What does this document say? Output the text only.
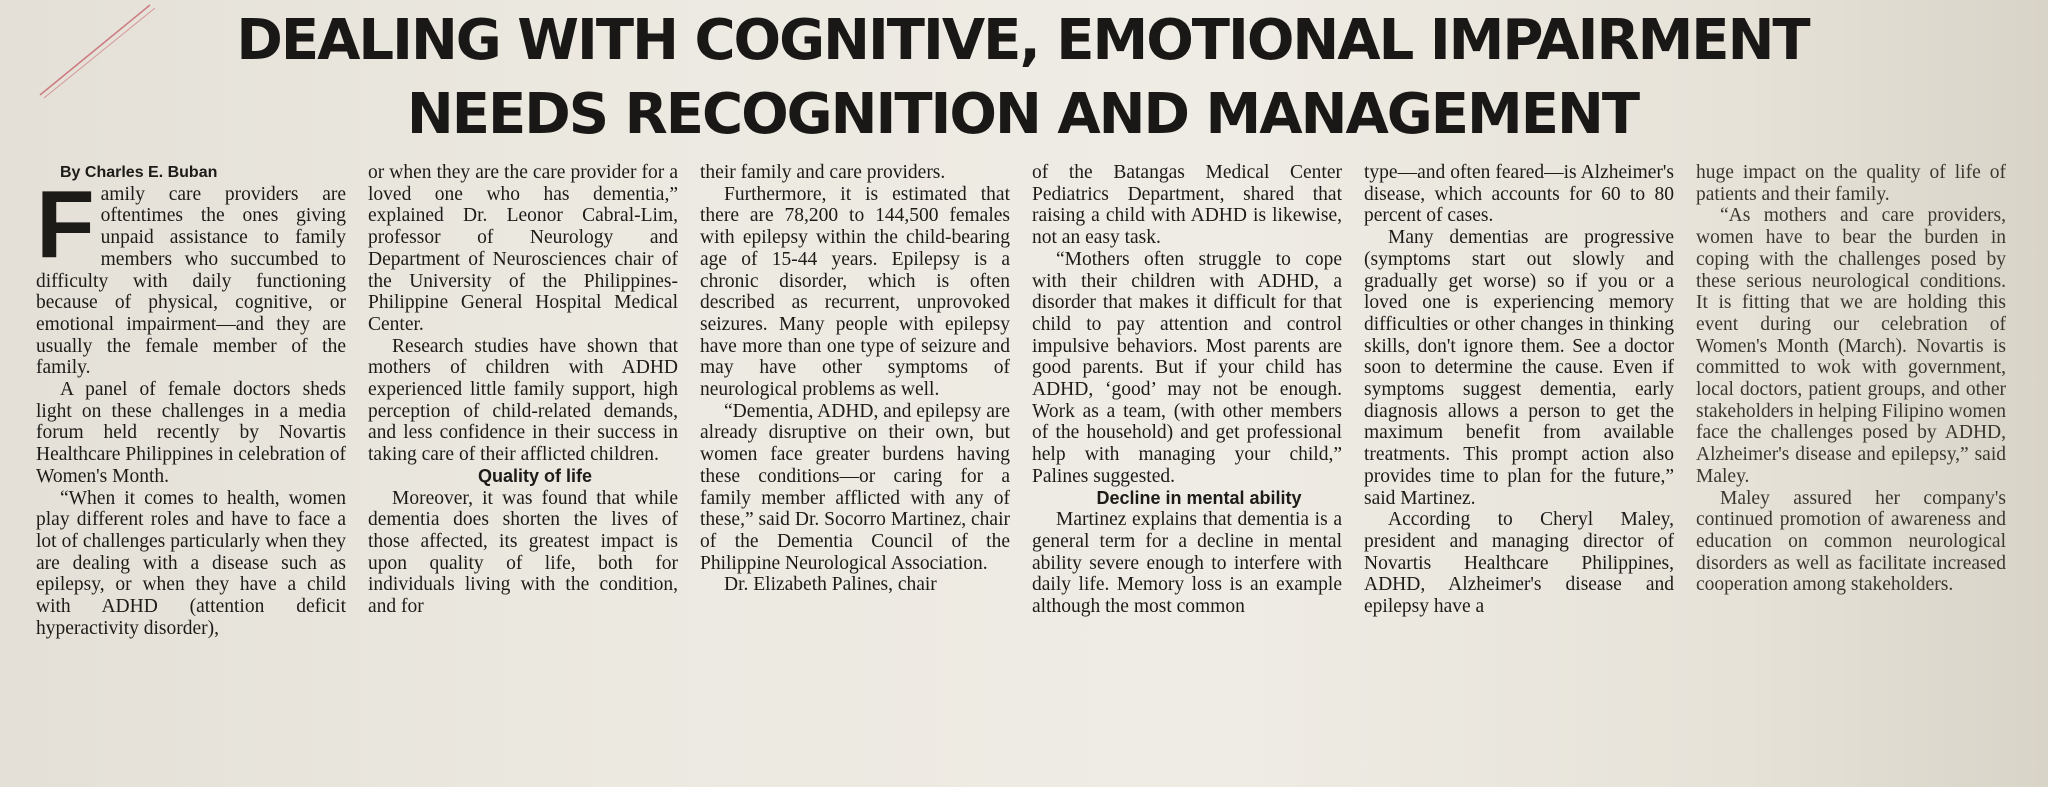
DEALING WITH COGNITIVE, EMOTIONAL IMPAIRMENT
NEEDS RECOGNITION AND MANAGEMENT

By Charles E. Buban

Family care providers are oftentimes the ones giving unpaid assistance to family members who succumbed to difficulty with daily functioning because of physical, cognitive, or emotional impairment—and they are usually the female member of the family.

A panel of female doctors sheds light on these challenges in a media forum held recently by Novartis Healthcare Philippines in celebration of Women's Month.

“When it comes to health, women play different roles and have to face a lot of challenges particularly when they are dealing with a disease such as epilepsy, or when they have a child with ADHD (attention deficit hyperactivity disorder),

or when they are the care provider for a loved one who has dementia,” explained Dr. Leonor Cabral-Lim, professor of Neurology and Department of Neurosciences chair of the University of the Philippines-Philippine General Hospital Medical Center.

Research studies have shown that mothers of children with ADHD experienced little family support, high perception of child-related demands, and less confidence in their success in taking care of their afflicted children.

Quality of life

Moreover, it was found that while dementia does shorten the lives of those affected, its greatest impact is upon quality of life, both for individuals living with the condition, and for

their family and care providers.

Furthermore, it is estimated that there are 78,200 to 144,500 females with epilepsy within the child-bearing age of 15-44 years. Epilepsy is a chronic disorder, which is often described as recurrent, unprovoked seizures. Many people with epilepsy have more than one type of seizure and may have other symptoms of neurological problems as well.

“Dementia, ADHD, and epilepsy are already disruptive on their own, but women face greater burdens having these conditions—or caring for a family member afflicted with any of these,” said Dr. Socorro Martinez, chair of the Dementia Council of the Philippine Neurological Association.

Dr. Elizabeth Palines, chair

of the Batangas Medical Center Pediatrics Department, shared that raising a child with ADHD is likewise, not an easy task.

“Mothers often struggle to cope with their children with ADHD, a disorder that makes it difficult for that child to pay attention and control impulsive behaviors. Most parents are good parents. But if your child has ADHD, ‘good’ may not be enough. Work as a team, (with other members of the household) and get professional help with managing your child,” Palines suggested.

Decline in mental ability

Martinez explains that dementia is a general term for a decline in mental ability severe enough to interfere with daily life. Memory loss is an example although the most common

type—and often feared—is Alzheimer's disease, which accounts for 60 to 80 percent of cases.

Many dementias are progressive (symptoms start out slowly and gradually get worse) so if you or a loved one is experiencing memory difficulties or other changes in thinking skills, don't ignore them. See a doctor soon to determine the cause. Even if symptoms suggest dementia, early diagnosis allows a person to get the maximum benefit from available treatments. This prompt action also provides time to plan for the future,” said Martinez.

According to Cheryl Maley, president and managing director of Novartis Healthcare Philippines, ADHD, Alzheimer's disease and epilepsy have a

huge impact on the quality of life of patients and their family.

“As mothers and care providers, women have to bear the burden in coping with the challenges posed by these serious neurological conditions. It is fitting that we are holding this event during our celebration of Women's Month (March). Novartis is committed to wok with government, local doctors, patient groups, and other stakeholders in helping Filipino women face the challenges posed by ADHD, Alzheimer's disease and epilepsy,” said Maley.

Maley assured her company's continued promotion of awareness and education on common neurological disorders as well as facilitate increased cooperation among stakeholders.
